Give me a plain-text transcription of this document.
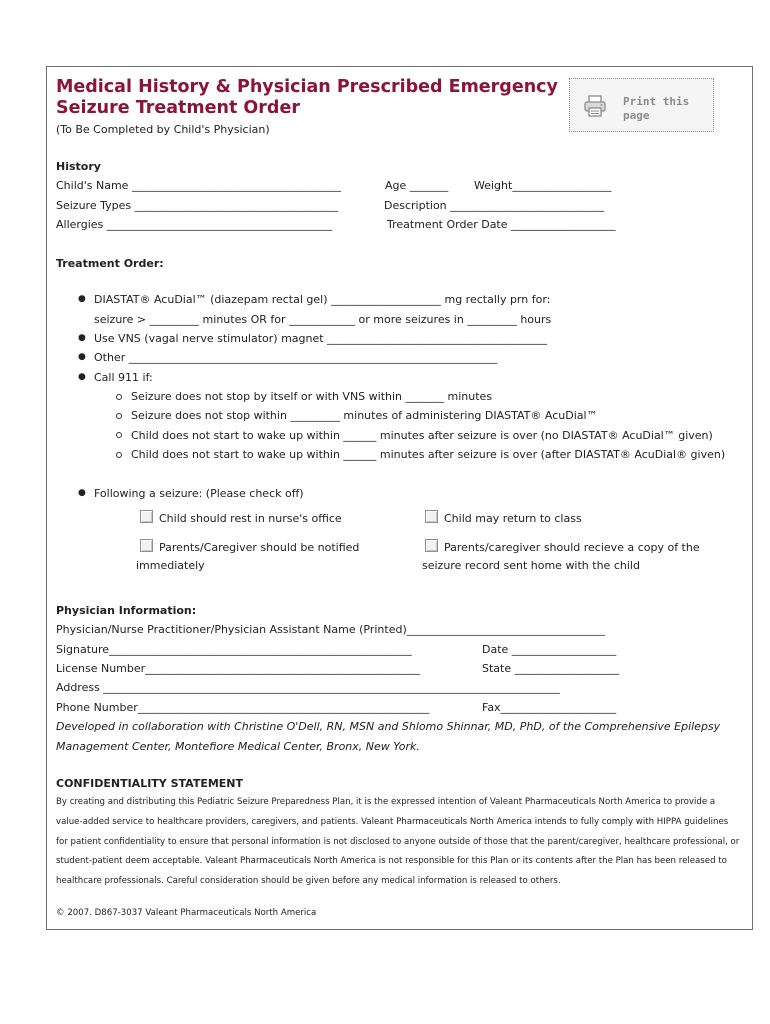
Medical History & Physician Prescribed Emergency
Seizure Treatment Order
(To Be Completed by Child's Physician)
Print this
page
History
Child's Name ______________________________________	Age _______ Weight__________________
Seizure Types _____________________________________	Description ____________________________
Allergies _________________________________________	Treatment Order Date ___________________
Treatment Order:
● DIASTAT® AcuDial™ (diazepam rectal gel) ____________________ mg rectally prn for:
seizure > _________ minutes OR for ____________ or more seizures in _________ hours
● Use VNS (vagal nerve stimulator) magnet ________________________________________
● Other ___________________________________________________________________
● Call 911 if:
Seizure does not stop by itself or with VNS within _______ minutes
Seizure does not stop within _________ minutes of administering DIASTAT® AcuDial™
Child does not start to wake up within ______ minutes after seizure is over (no DIASTAT® AcuDial™ given)
Child does not start to wake up within ______ minutes after seizure is over (after DIASTAT® AcuDial® given)
● Following a seizure: (Please check off)
Child should rest in nurse's office	Child may return to class
Parents/Caregiver should be notified
immediately
Parents/caregiver should recieve a copy of the
seizure record sent home with the child
Physician Information:
Physician/Nurse Practitioner/Physician Assistant Name (Printed)____________________________________
Signature_______________________________________________________	Date ___________________
License Number__________________________________________________	State ___________________
Address ___________________________________________________________________________________
Phone Number_____________________________________________________	Fax_____________________
Developed in collaboration with Christine O'Dell, RN, MSN and Shlomo Shinnar, MD, PhD, of the Comprehensive Epilepsy
Management Center, Montefiore Medical Center, Bronx, New York.
CONFIDENTIALITY STATEMENT
By creating and distributing this Pediatric Seizure Preparedness Plan, it is the expressed intention of Valeant Pharmaceuticals North America to provide a
value-added service to healthcare providers, caregivers, and patients. Valeant Pharmaceuticals North America intends to fully comply with HIPPA guidelines
for patient confidentiality to ensure that personal information is not disclosed to anyone outside of those that the parent/caregiver, healthcare professional, or
student-patient deem acceptable. Valeant Pharmaceuticals North America is not responsible for this Plan or its contents after the Plan has been released to
healthcare professionals. Careful consideration should be given before any medical information is released to others.
© 2007. D867-3037 Valeant Pharmaceuticals North America
